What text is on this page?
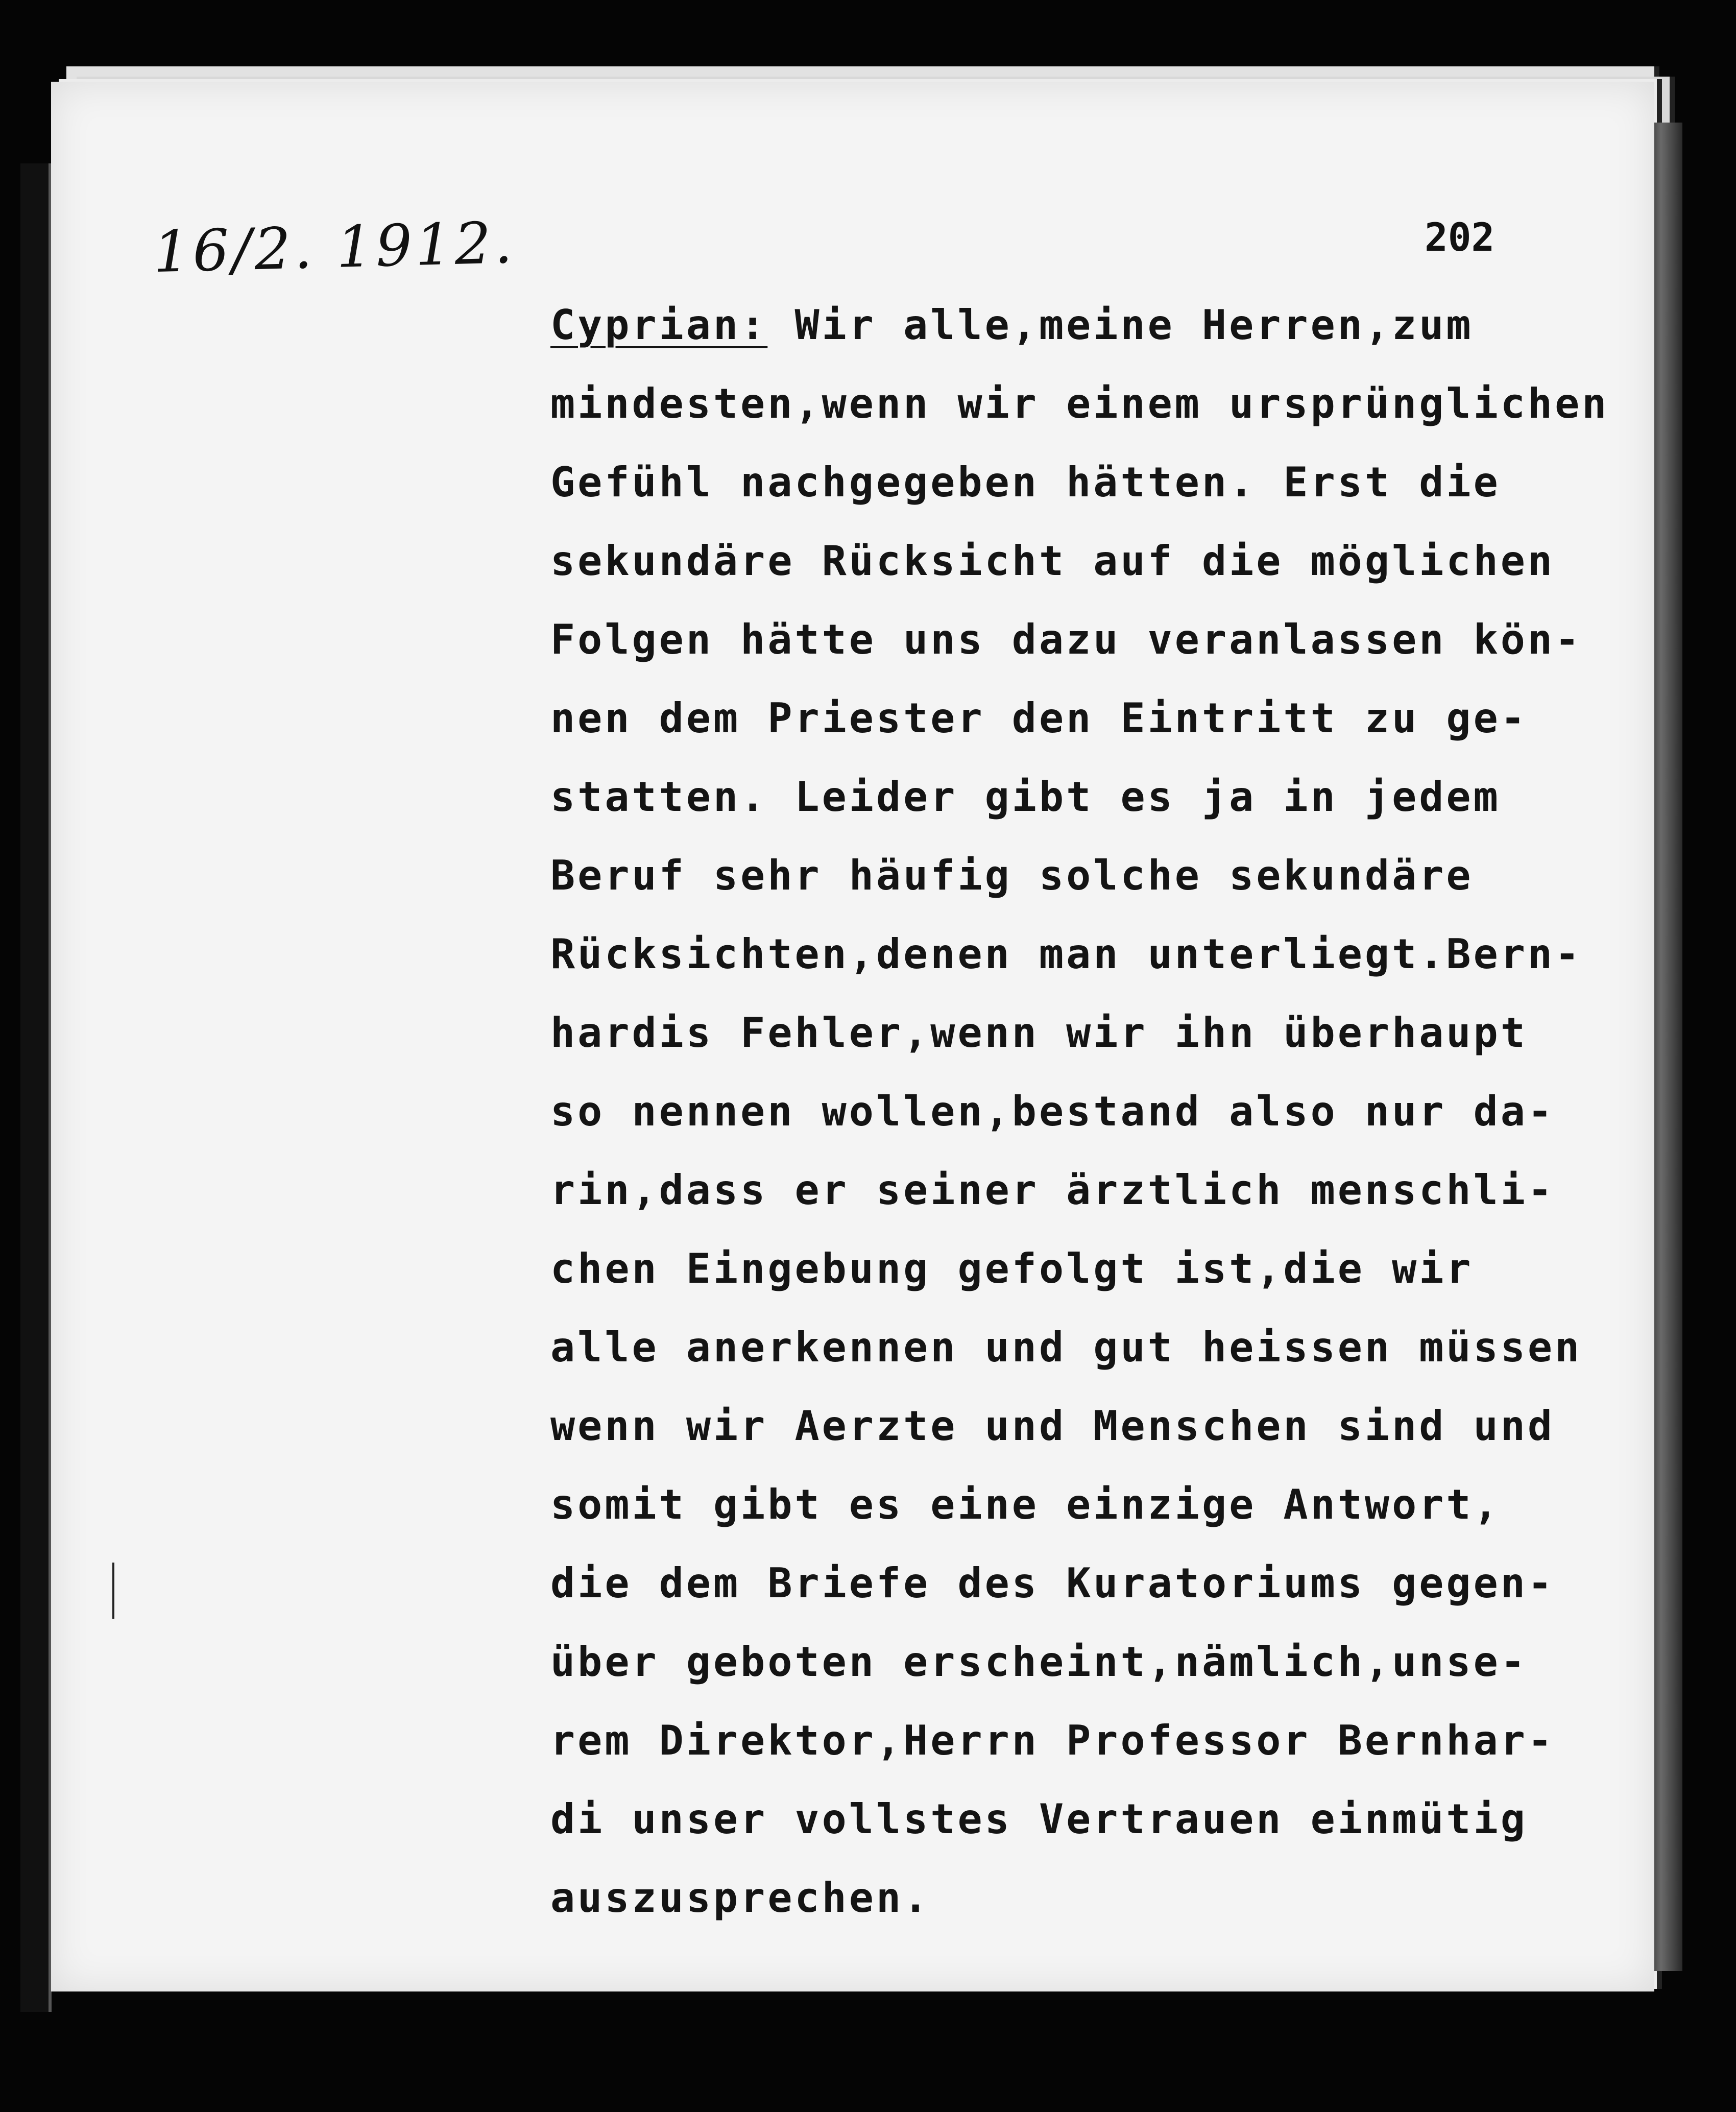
16/2. 1912.	202
Cyprian: Wir alle,meine Herren,zum
mindesten,wenn wir einem ursprünglichen
Gefühl nachgegeben hätten. Erst die
sekundäre Rücksicht auf die möglichen
Folgen hätte uns dazu veranlassen kön-
nen dem Priester den Eintritt zu ge-
statten. Leider gibt es ja in jedem
Beruf sehr häufig solche sekundäre
Rücksichten,denen man unterliegt.Bern-
hardis Fehler,wenn wir ihn überhaupt
so nennen wollen,bestand also nur da-
rin,dass er seiner ärztlich menschli-
chen Eingebung gefolgt ist,die wir
alle anerkennen und gut heissen müssen
wenn wir Aerzte und Menschen sind und
somit gibt es eine einzige Antwort,
die dem Briefe des Kuratoriums gegen-
über geboten erscheint,nämlich,unse-
rem Direktor,Herrn Professor Bernhar-
di unser vollstes Vertrauen einmütig
auszusprechen.
